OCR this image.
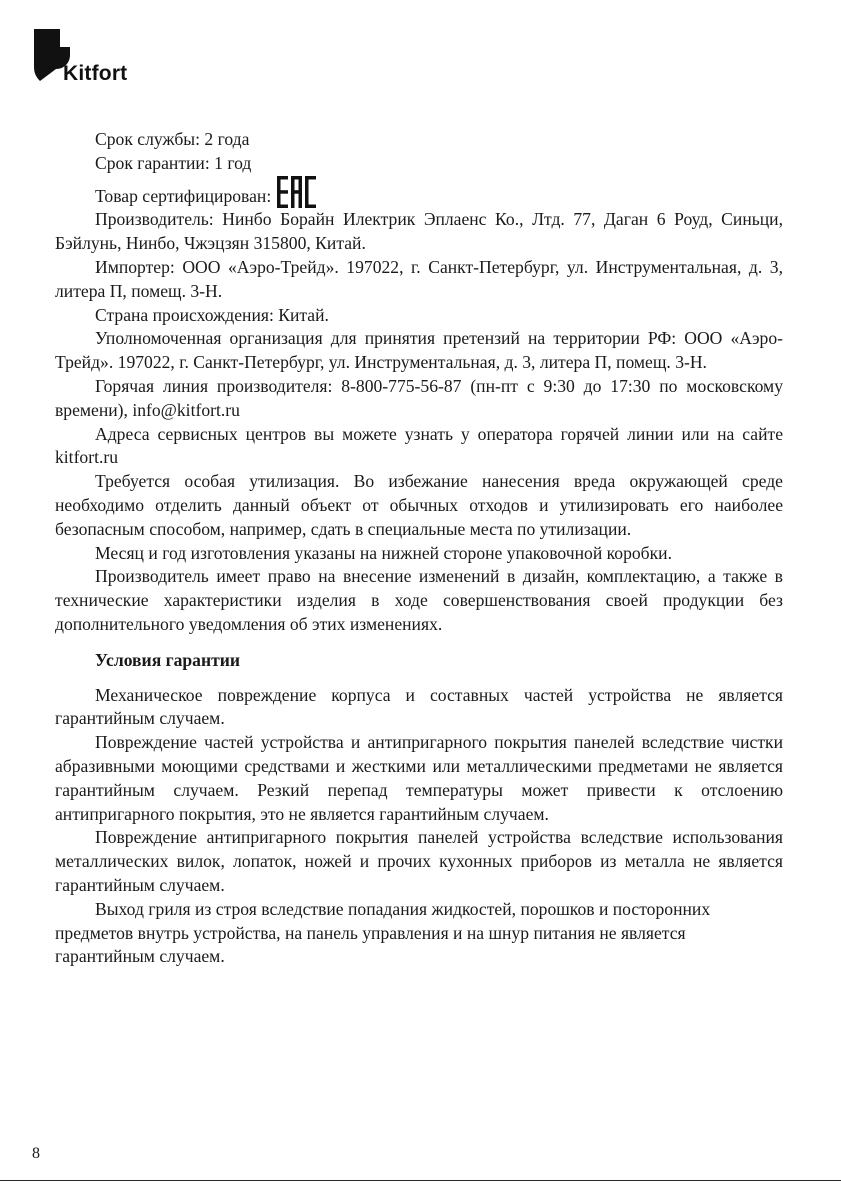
Kitfort

Срок службы: 2 года

Срок гарантии: 1 год

Товар сертифицирован:

Производитель: Нинбо Борайн Илектрик Эплаенс Ко., Лтд. 77, Даган 6 Роуд, Синьци, Бэйлунь, Нинбо, Чжэцзян 315800, Китай.

Импортер: ООО «Аэро-Трейд». 197022, г. Санкт-Петербург, ул. Инструментальная, д. 3, литера П, помещ. 3-Н.

Страна происхождения: Китай.

Уполномоченная организация для принятия претензий на территории РФ: ООО «Аэро-Трейд». 197022, г. Санкт-Петербург, ул. Инструментальная, д. 3, литера П, помещ. 3-Н.

Горячая линия производителя: 8-800-775-56-87 (пн-пт с 9:30 до 17:30 по московскому времени), info@kitfort.ru

Адреса сервисных центров вы можете узнать у оператора горячей линии или на сайте kitfort.ru

Требуется особая утилизация. Во избежание нанесения вреда окружающей среде необходимо отделить данный объект от обычных отходов и утилизировать его наиболее безопасным способом, например, сдать в специальные места по утилизации.

Месяц и год изготовления указаны на нижней стороне упаковочной коробки.

Производитель имеет право на внесение изменений в дизайн, комплектацию, а также в технические характеристики изделия в ходе совершенствования своей продукции без дополнительного уведомления об этих изменениях.

Условия гарантии

Механическое повреждение корпуса и составных частей устройства не является гарантийным случаем.

Повреждение частей устройства и антипригарного покрытия панелей вследствие чистки абразивными моющими средствами и жесткими или металлическими предметами не является гарантийным случаем. Резкий перепад температуры может привести к отслоению антипригарного покрытия, это не является гарантийным случаем.

Повреждение антипригарного покрытия панелей устройства вследствие использования металлических вилок, лопаток, ножей и прочих кухонных приборов из металла не является гарантийным случаем.

Выход гриля из строя вследствие попадания жидкостей, порошков и посторонних предметов внутрь устройства, на панель управления и на шнур питания не является гарантийным случаем.

8
